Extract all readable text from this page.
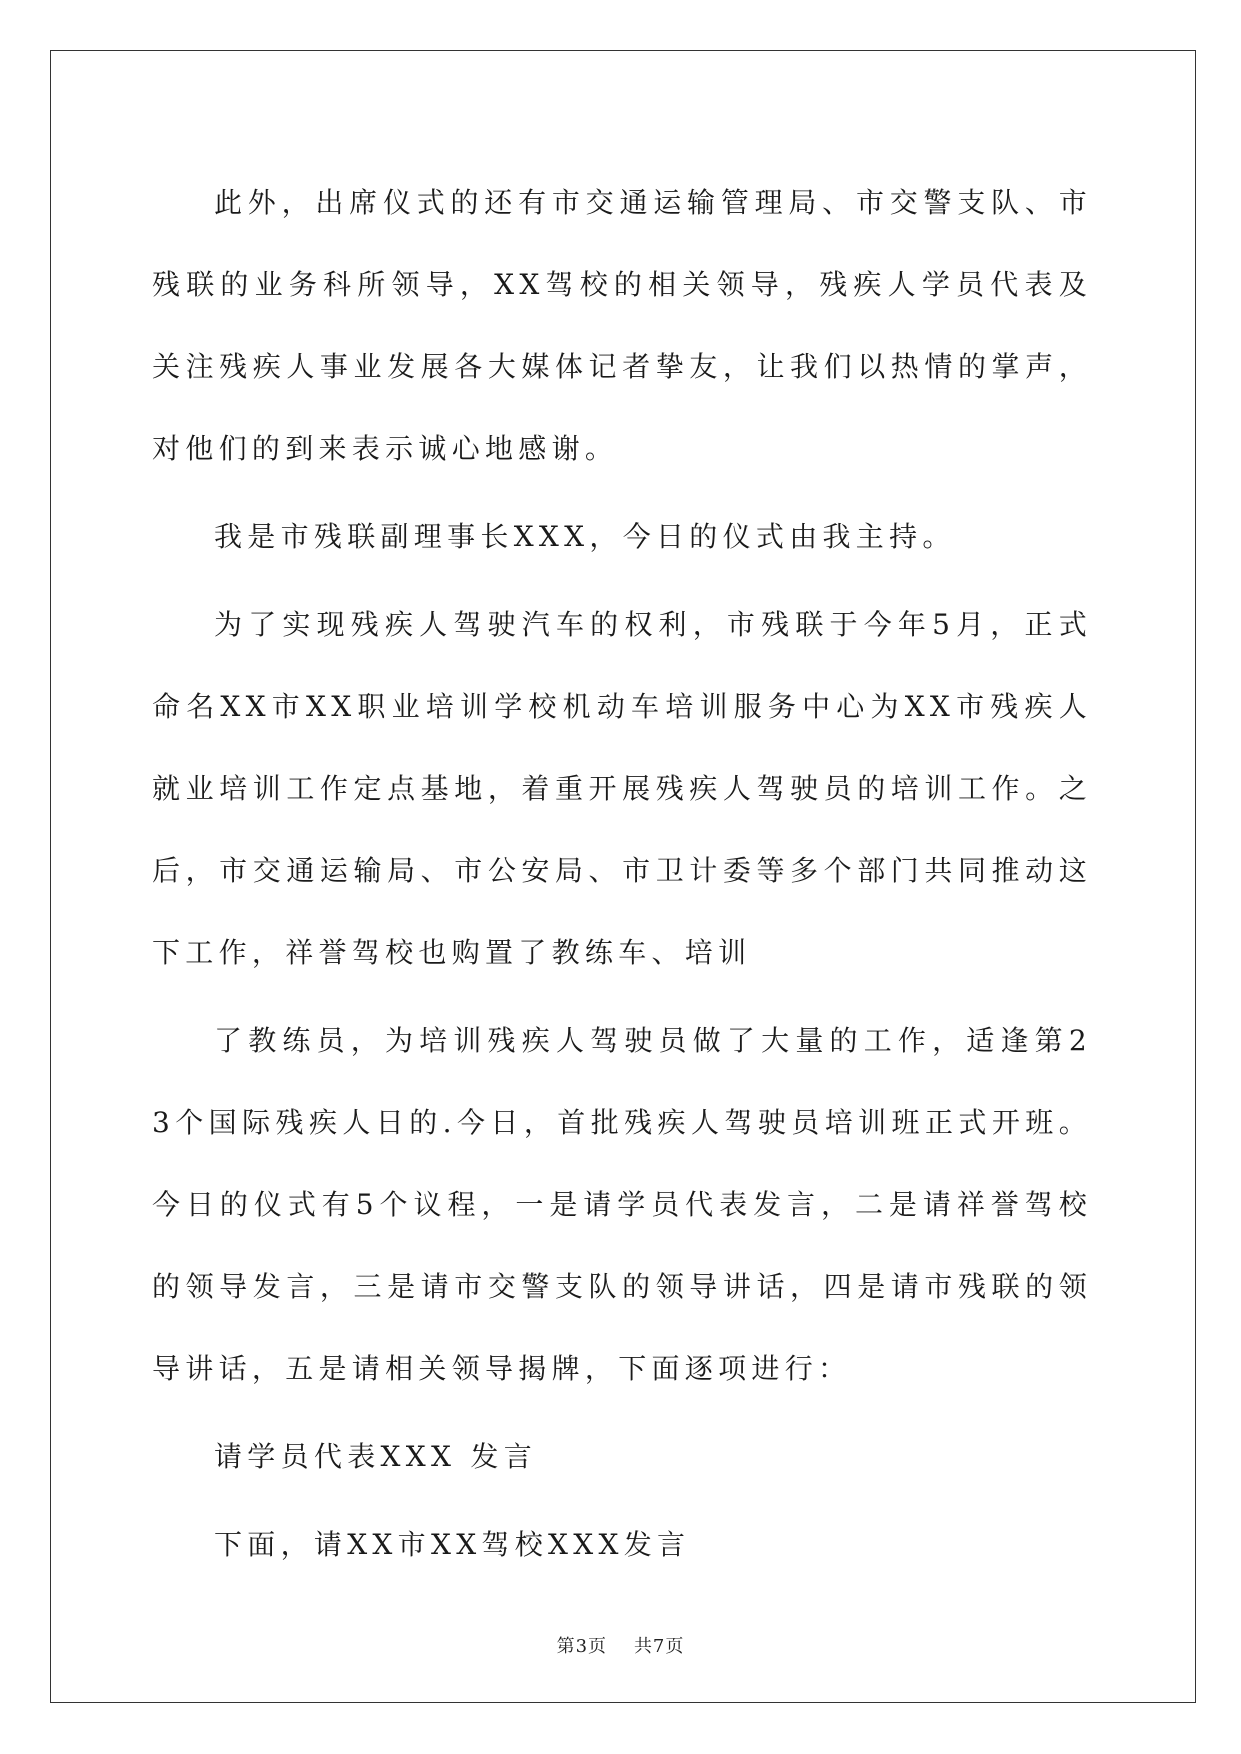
此外，出席仪式的还有市交通运输管理局、市交警支队、市残联的业务科所领导，XX驾校的相关领导，残疾人学员代表及关注残疾人事业发展各大媒体记者挚友，让我们以热情的掌声，对他们的到来表示诚心地感谢。

我是市残联副理事长XXX，今日的仪式由我主持。

为了实现残疾人驾驶汽车的权利，市残联于今年5月，正式命名XX市XX职业培训学校机动车培训服务中心为XX市残疾人就业培训工作定点基地，着重开展残疾人驾驶员的培训工作。之后，市交通运输局、市公安局、市卫计委等多个部门共同推动这下工作，祥誉驾校也购置了教练车、培训

了教练员，为培训残疾人驾驶员做了大量的工作，适逢第23个国际残疾人日的.今日，首批残疾人驾驶员培训班正式开班。今日的仪式有5个议程，一是请学员代表发言，二是请祥誉驾校的领导发言，三是请市交警支队的领导讲话，四是请市残联的领导讲话，五是请相关领导揭牌，下面逐项进行：

请学员代表XXX 发言

下面，请XX市XX驾校XXX发言

第3页 共7页
